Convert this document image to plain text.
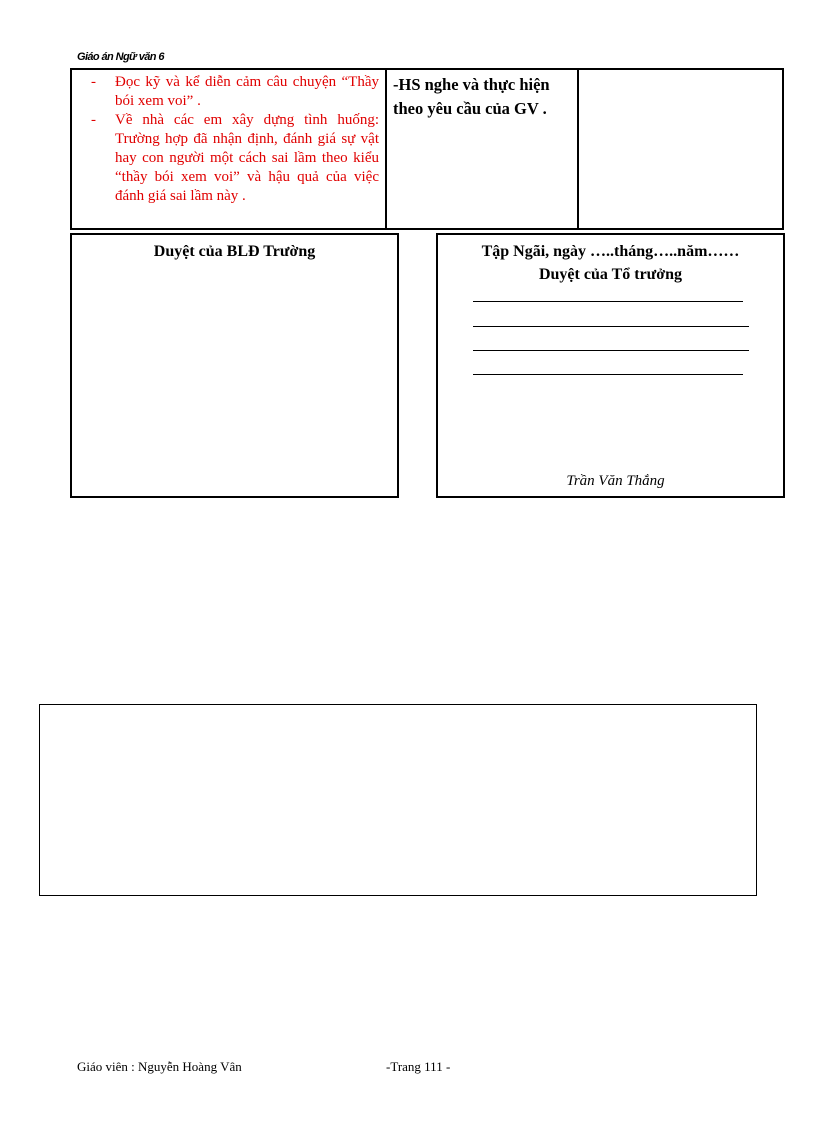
Giáo án Ngữ văn 6
- Đọc kỹ và kể diễn cảm câu chuyện “Thầy bói xem voi” .
- Về nhà các em xây dựng tình huống: Trường hợp đã nhận định, đánh giá sự vật hay con người một cách sai lầm theo kiểu “thầy bói xem voi” và hậu quả của việc đánh giá sai lầm này .
-HS nghe và thực hiện theo yêu cầu của GV .
Duyệt của BLĐ Trường	Tập Ngãi, ngày …..tháng…..năm……
Duyệt của Tổ trưởng
Trần Văn Thắng
Giáo viên : Nguyễn Hoàng Vân	-Trang 111 -
